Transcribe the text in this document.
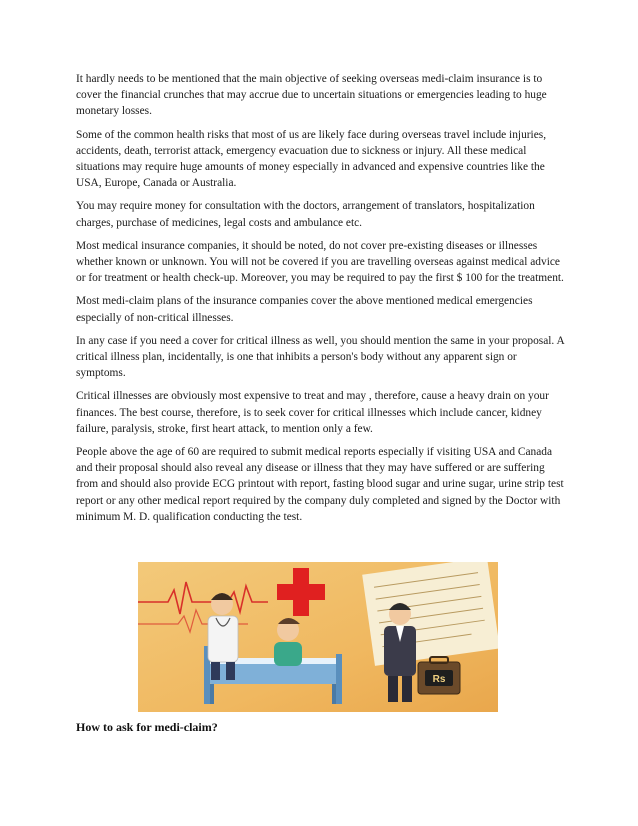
It hardly needs to be mentioned that the main objective of seeking overseas medi-claim insurance is to cover the financial crunches that may accrue due to uncertain situations or emergencies leading to huge monetary losses.

Some of the common health risks that most of us are likely face during overseas travel include injuries, accidents, death, terrorist attack, emergency evacuation due to sickness or injury. All these medical situations may require huge amounts of money especially in advanced and expensive countries like the USA, Europe, Canada or Australia.

You may require money for consultation with the doctors, arrangement of translators, hospitalization charges, purchase of medicines, legal costs and ambulance etc.

Most medical insurance companies, it should be noted, do not cover pre-existing diseases or illnesses whether known or unknown. You will not be covered if you are travelling overseas against medical advice or for treatment or health check-up. Moreover, you may be required to pay the first $ 100 for the treatment.

Most medi-claim plans of the insurance companies cover the above mentioned medical emergencies especially of non-critical illnesses.

In any case if you need a cover for critical illness as well, you should mention the same in your proposal. A critical illness plan, incidentally, is one that inhibits a person's body without any apparent sign or symptoms.

Critical illnesses are obviously most expensive to treat and may , therefore, cause a heavy drain on your finances. The best course, therefore, is to seek cover for critical illnesses which include cancer, kidney failure, paralysis, stroke, first heart attack, to mention only a few.

People above the age of 60 are required to submit medical reports especially if visiting USA and Canada and their proposal should also reveal any disease or illness that they may have suffered or are suffering from and should also provide ECG printout with report, fasting blood sugar and urine sugar, urine strip test report or any other medical report required by the company duly completed and signed by the Doctor with minimum M. D. qualification conducting the test.

Rs
How to ask for medi-claim?
